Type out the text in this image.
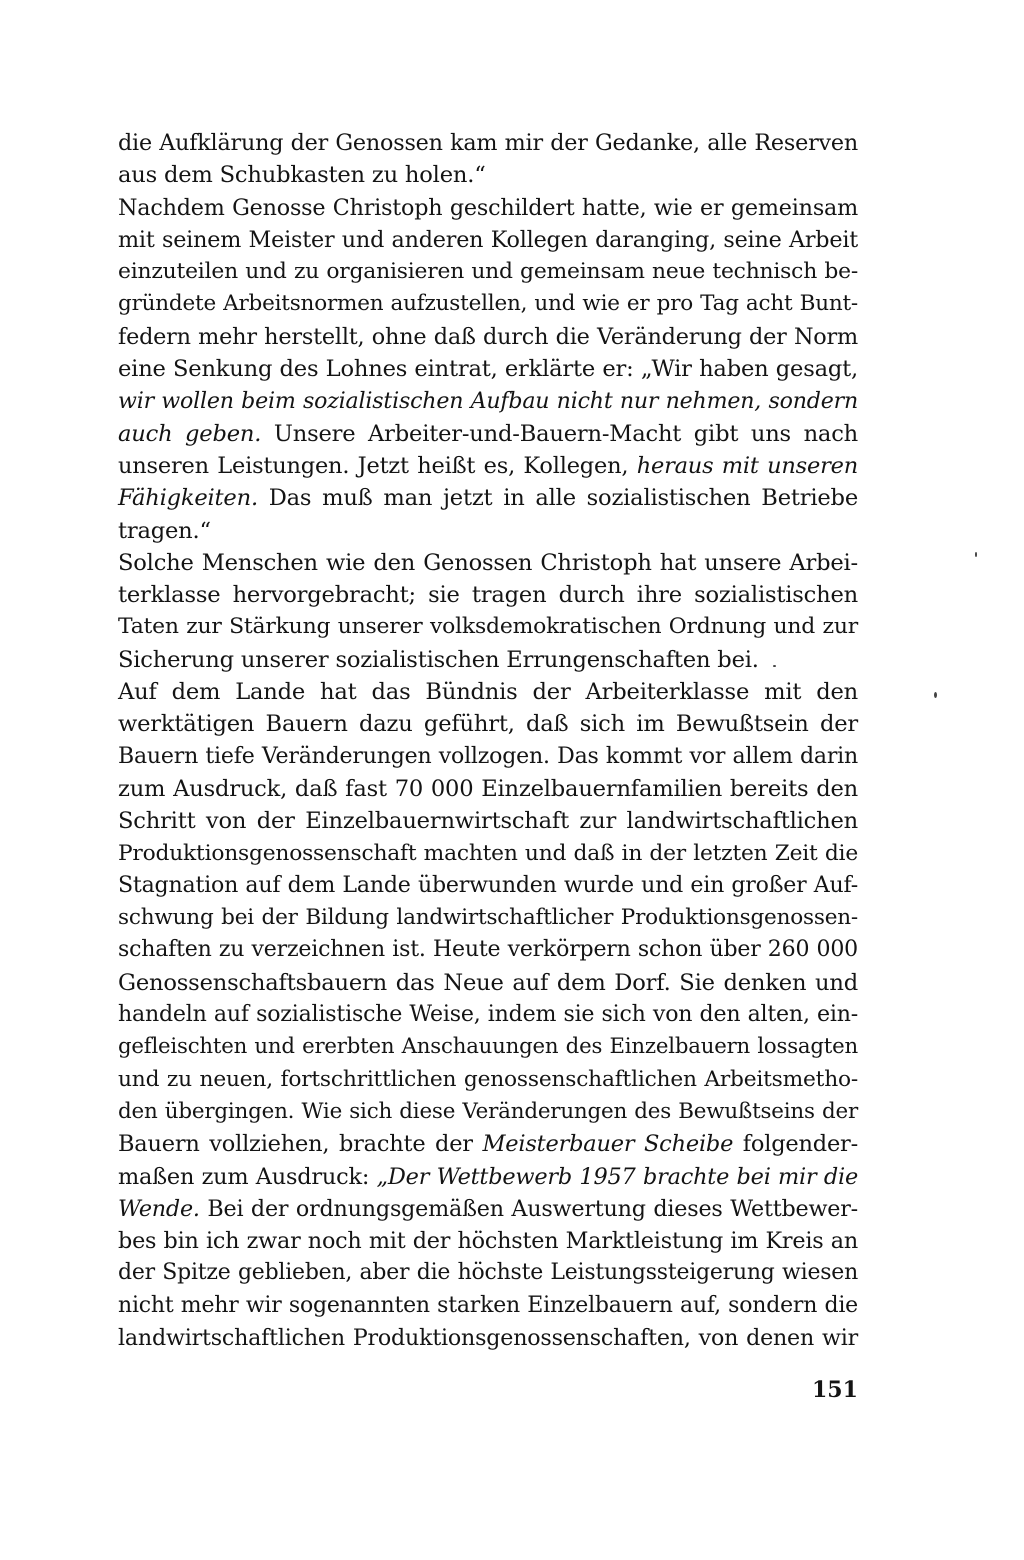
die Aufklärung der Genossen kam mir der Gedanke, alle Reserven
aus dem Schubkasten zu holen.“
Nachdem Genosse Christoph geschildert hatte, wie er gemeinsam
mit seinem Meister und anderen Kollegen daranging, seine Arbeit
einzuteilen und zu organisieren und gemeinsam neue technisch be-
gründete Arbeitsnormen aufzustellen, und wie er pro Tag acht Bunt-
federn mehr herstellt, ohne daß durch die Veränderung der Norm
eine Senkung des Lohnes eintrat, erklärte er: „Wir haben gesagt,
wir wollen beim sozialistischen Aufbau nicht nur nehmen, sondern
auch geben. Unsere Arbeiter-und-Bauern-Macht gibt uns nach
unseren Leistungen. Jetzt heißt es, Kollegen, heraus mit unseren
Fähigkeiten. Das muß man jetzt in alle sozialistischen Betriebe
tragen.“
Solche Menschen wie den Genossen Christoph hat unsere Arbei-
terklasse hervorgebracht; sie tragen durch ihre sozialistischen
Taten zur Stärkung unserer volksdemokratischen Ordnung und zur
Sicherung unserer sozialistischen Errungenschaften bei.
Auf dem Lande hat das Bündnis der Arbeiterklasse mit den
werktätigen Bauern dazu geführt, daß sich im Bewußtsein der
Bauern tiefe Veränderungen vollzogen. Das kommt vor allem darin
zum Ausdruck, daß fast 70 000 Einzelbauernfamilien bereits den
Schritt von der Einzelbauernwirtschaft zur landwirtschaftlichen
Produktionsgenossenschaft machten und daß in der letzten Zeit die
Stagnation auf dem Lande überwunden wurde und ein großer Auf-
schwung bei der Bildung landwirtschaftlicher Produktionsgenossen-
schaften zu verzeichnen ist. Heute verkörpern schon über 260 000
Genossenschaftsbauern das Neue auf dem Dorf. Sie denken und
handeln auf sozialistische Weise, indem sie sich von den alten, ein-
gefleischten und ererbten Anschauungen des Einzelbauern lossagten
und zu neuen, fortschrittlichen genossenschaftlichen Arbeitsmetho-
den übergingen. Wie sich diese Veränderungen des Bewußtseins der
Bauern vollziehen, brachte der Meisterbauer Scheibe folgender-
maßen zum Ausdruck: „Der Wettbewerb 1957 brachte bei mir die
Wende. Bei der ordnungsgemäßen Auswertung dieses Wettbewer-
bes bin ich zwar noch mit der höchsten Marktleistung im Kreis an
der Spitze geblieben, aber die höchste Leistungssteigerung wiesen
nicht mehr wir sogenannten starken Einzelbauern auf, sondern die
landwirtschaftlichen Produktionsgenossenschaften, von denen wir
151
